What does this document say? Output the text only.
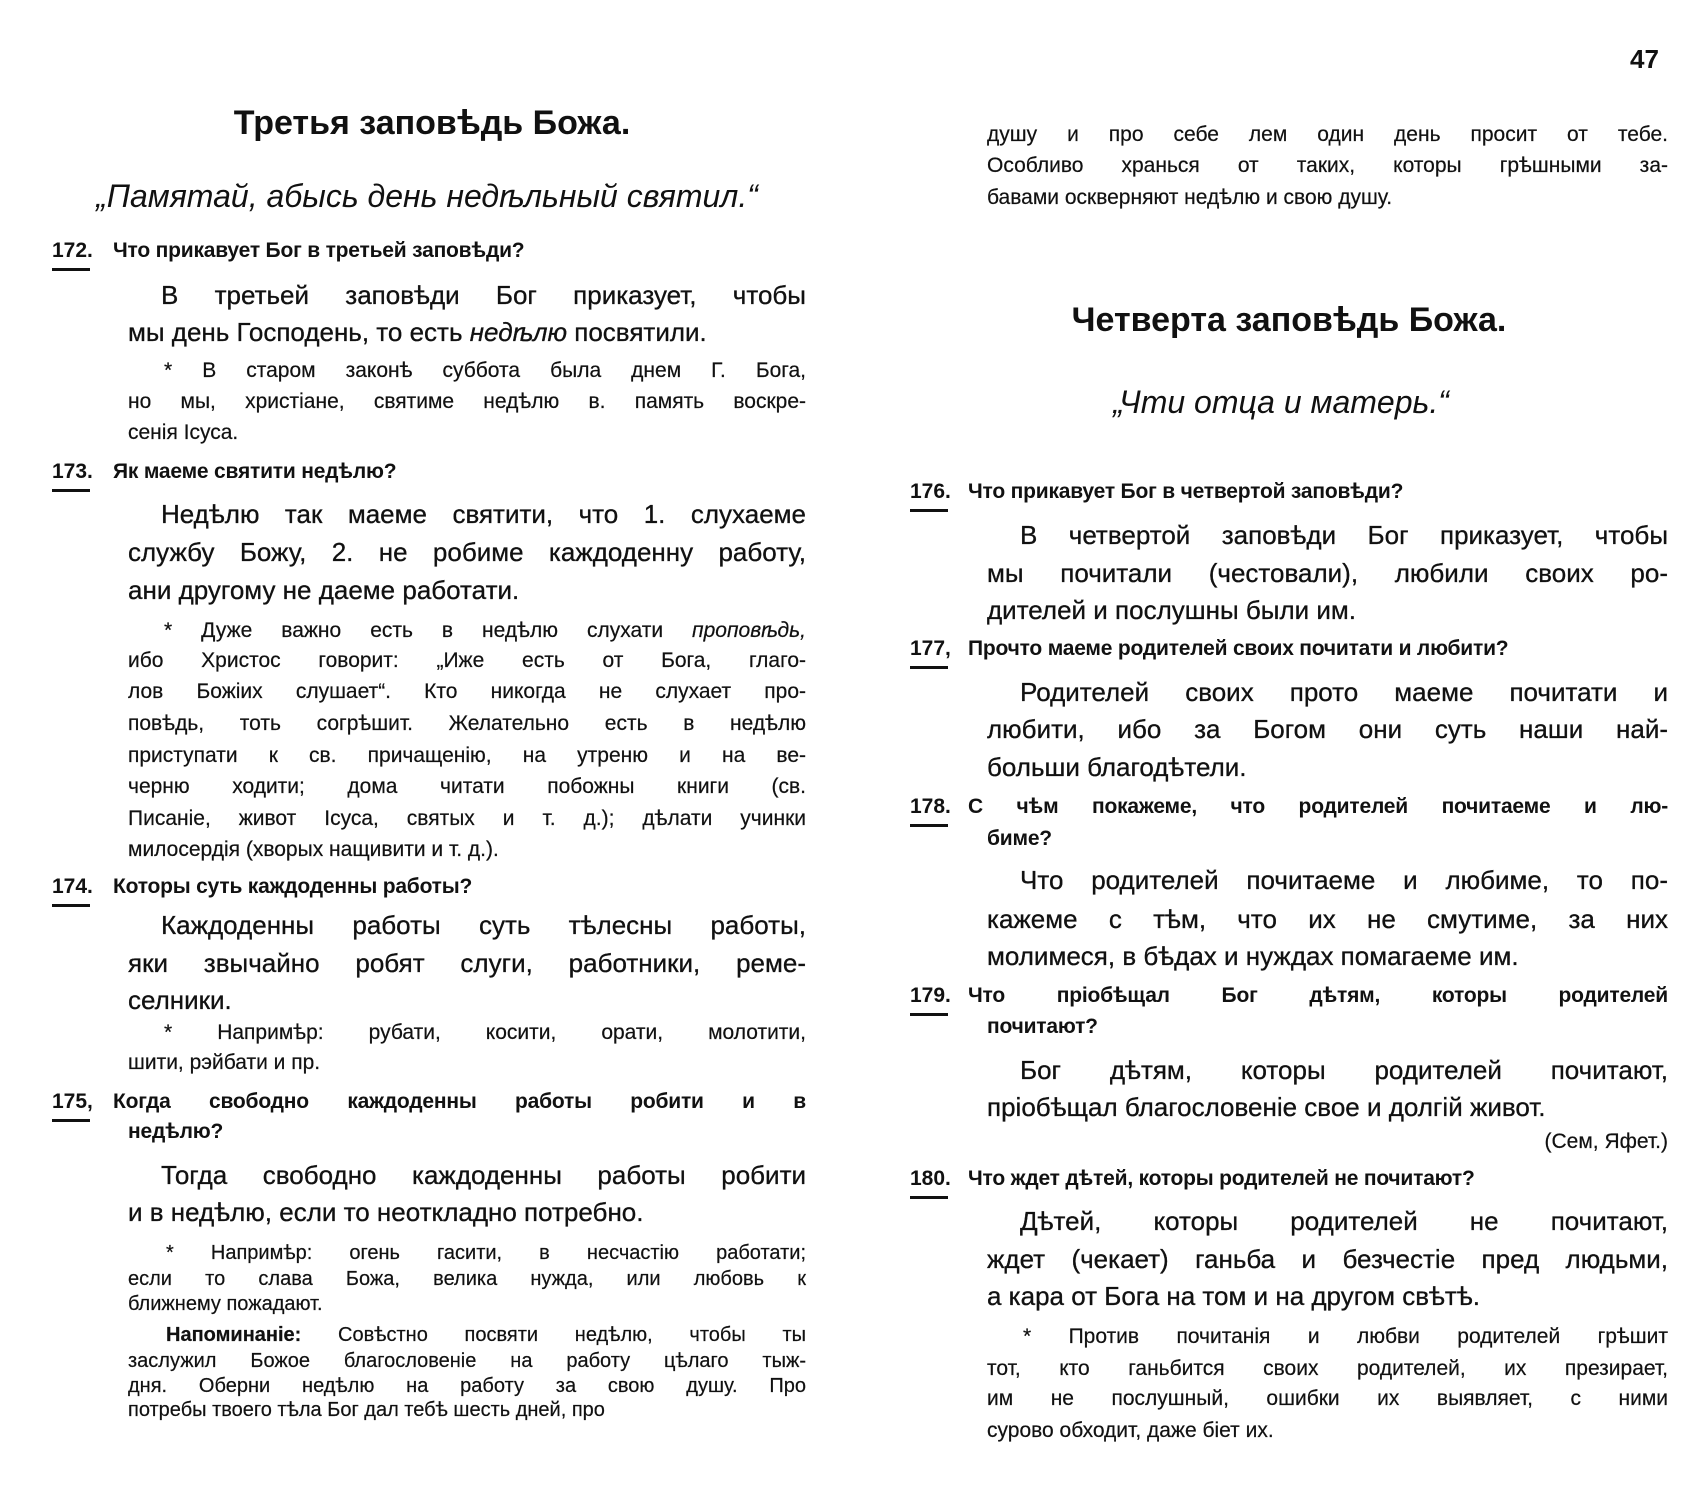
47
Третья заповѣдь Божа.
„Памятай, абысь день недѣльный святил.“
Четверта заповѣдь Божа.
„Чти отца и матерь.“
172. Что прикавует Бог в третьей заповѣди?
В третьей заповѣди Бог приказует, чтобы
мы день Господень, то есть недѣлю посвятили.
* В старом законѣ суббота была днем Г. Бога,
но мы, христіане, святиме недѣлю в. память воскре-
сенія Ісуса.
173. Як маеме святити недѣлю?
Недѣлю так маеме святити, что 1. слухаеме
службу Божу, 2. не робиме каждоденну работу,
ани другому не даеме работати.
* Дуже важно есть в недѣлю слухати проповѣдь,
ибо Христос говорит: „Иже есть от Бога, глаго-
лов Божіих слушает“. Кто никогда не слухает про-
повѣдь, тоть согрѣшит. Желательно есть в недѣлю
приступати к св. причащенію, на утреню и на ве-
черню ходити; дома читати побожны книги (св.
Писаніе, живот Ісуса, святых и т. д.); дѣлати учинки
милосердія (хворых нащивити и т. д.).
174. Которы суть каждоденны работы?
Каждоденны работы суть тѣлесны работы,
яки звычайно робят слуги, работники, реме-
селники.
* Напримѣр: рубати, косити, орати, молотити,
шити, рэйбати и пр.
175, Когда свободно каждоденны работы робити и в
недѣлю?
Тогда свободно каждоденны работы робити
и в недѣлю, если то неоткладно потребно.
* Напримѣр: огень гасити, в несчастію работати;
если то слава Божа, велика нужда, или любовь к
ближнему пожадают.
Напоминаніе: Совѣстно посвяти недѣлю, чтобы ты
заслужил Божое благословеніе на работу цѣлаго тыж-
дня. Оберни недѣлю на работу за свою душу. Про
потребы твоего тѣла Бог дал тебѣ шесть дней, про
душу и про себе лем один день просит от тебе.
Особливо хранься от таких, которы грѣшными за-
бавами оскверняют недѣлю и свою душу.
176. Что прикавует Бог в четвертой заповѣди?
В четвертой заповѣди Бог приказует, чтобы
мы почитали (честовали), любили своих ро-
дителей и послушны были им.
177, Прочто маеме родителей своих почитати и любити?
Родителей своих прото маеме почитати и
любити, ибо за Богом они суть наши най-
больши благодѣтели.
178. С чѣм покажеме, что родителей почитаеме и лю-
биме?
Что родителей почитаеме и любиме, то по-
кажеме с тѣм, что их не смутиме, за них
молимеся, в бѣдах и нуждах помагаеме им.
179. Что пріобѣщал Бог дѣтям, которы родителей
почитают?
Бог дѣтям, которы родителей почитают,
пріобѣщал благословеніе свое и долгій живот.
(Сем, Яфет.)
180. Что ждет дѣтей, которы родителей не почитают?
Дѣтей, которы родителей не почитают,
ждет (чекает) ганьба и безчестіе пред людьми,
а кара от Бога на том и на другом свѣтѣ.
* Против почитанія и любви родителей грѣшит
тот, кто ганьбится своих родителей, их презирает,
им не послушный, ошибки их выявляет, с ними
сурово обходит, даже біет их.
